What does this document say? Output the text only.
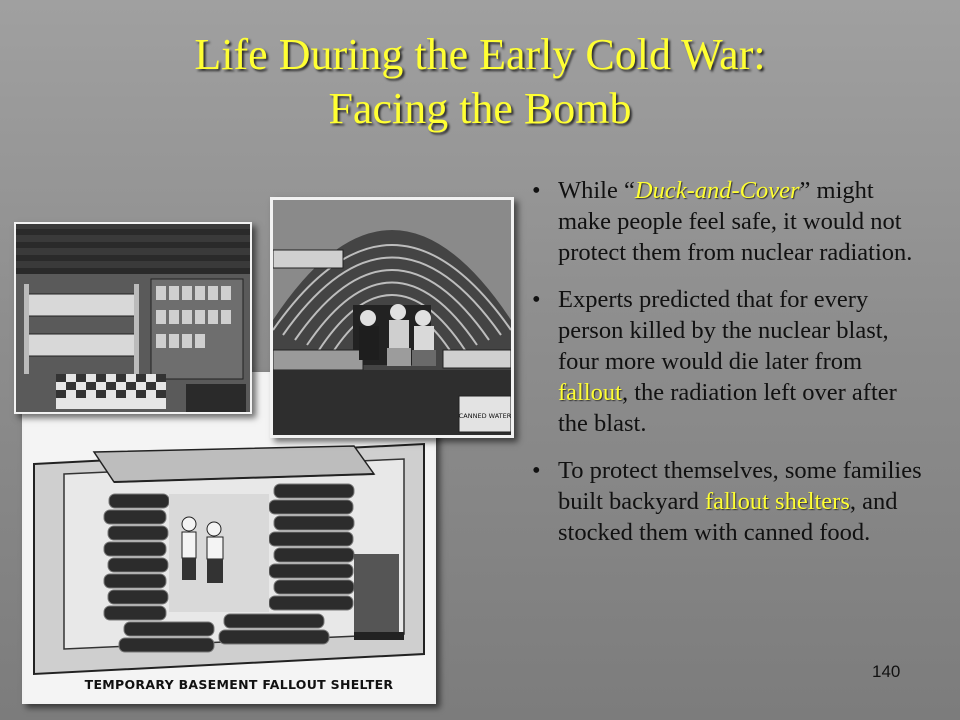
Life During the Early Cold War:
Facing the Bomb
TEMPORARY BASEMENT FALLOUT SHELTER
CANNED WATER
• While “Duck-and-Cover” might make people feel safe, it would not protect them from nuclear radiation.
• Experts predicted that for every person killed by the nuclear blast, four more would die later from fallout, the radiation left over after the blast.
• To protect themselves, some families built backyard fallout shelters, and stocked them with canned food.
140
